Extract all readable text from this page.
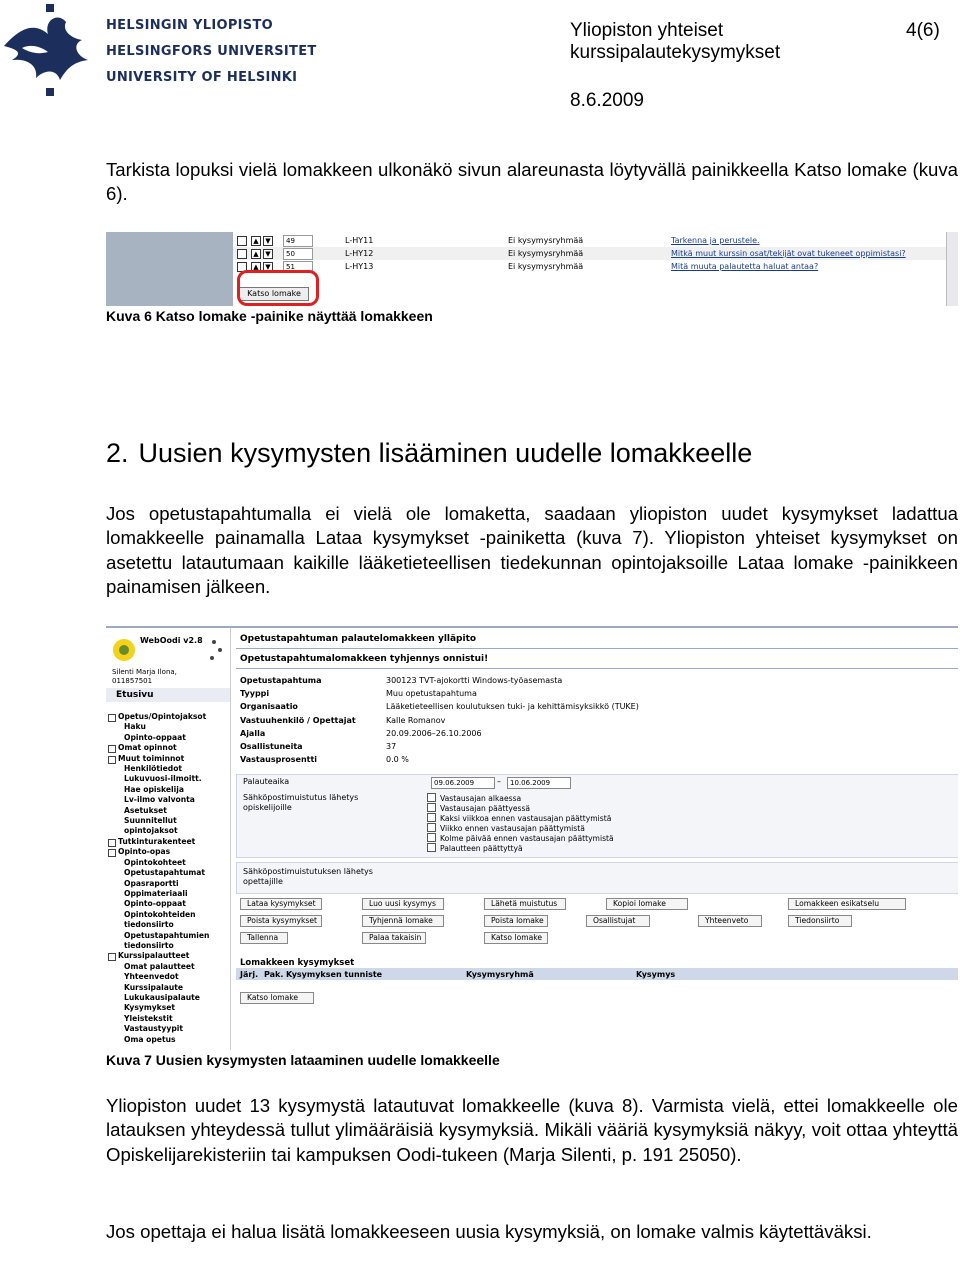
HELSINGIN YLIOPISTO
HELSINGFORS UNIVERSITET
UNIVERSITY OF HELSINKI
Yliopiston yhteiset
kurssipalautekysymykset
4(6)
8.6.2009
Tarkista lopuksi vielä lomakkeen ulkonäkö sivun alareunasta löytyvällä painikkeella Katso lomake (kuva 6).
▲ ▼	49	L-HY11	Ei kysymysryhmää	Tarkenna ja perustele.
▲ ▼	50	L-HY12	Ei kysymysryhmää	Mitkä muut kurssin osat/tekijät ovat tukeneet oppimistasi?
▲ ▼	51	L-HY13	Ei kysymysryhmää	Mitä muuta palautetta haluat antaa?
Katso lomake
Kuva 6 Katso lomake -painike näyttää lomakkeen
2. Uusien kysymysten lisääminen uudelle lomakkeelle
Jos opetustapahtumalla ei vielä ole lomaketta, saadaan yliopiston uudet kysymykset ladattua lomakkeelle painamalla Lataa kysymykset -painiketta (kuva 7). Yliopiston yhteiset kysymykset on asetettu latautumaan kaikille lääketieteellisen tiedekunnan opintojaksoille Lataa lomake -painikkeen painamisen jälkeen.
WebOodi v2.8
Silenti Marja Ilona,
011857501
Etusivu
Opetus/Opintojaksot
Haku
Opinto-oppaat
Omat opinnot
Muut toiminnot
Henkilötiedot
Lukuvuosi-ilmoitt.
Hae opiskelija
Lv-ilmo valvonta
Asetukset
Suunnitellut
opintojaksot
Tutkinturakenteet
Opinto-opas
Opintokohteet
Opetustapahtumat
Opasraportti
Oppimateriaali
Opinto-oppaat
Opintokohteiden
tiedonsiirto
Opetustapahtumien
tiedonsiirto
Kurssipalautteet
Omat palautteet
Yhteenvedot
Kurssipalaute
Lukukausipalaute
Kysymykset
Yleistekstit
Vastaustyypit
Oma opetus
Opetustapahtuman palautelomakkeen ylläpito
Opetustapahtumalomakkeen tyhjennys onnistui!
Opetustapahtuma	300123 TVT-ajokortti Windows-työasemasta
Tyyppi	Muu opetustapahtuma
Organisaatio	Lääketieteellisen koulutuksen tuki- ja kehittämisyksikkö (TUKE)
Vastuuhenkilö / Opettajat	Kalle Romanov
Ajalla	20.09.2006–26.10.2006
Osallistuneita	37
Vastausprosentti	0.0 %
Palauteaika	09.06.2009	–	10.06.2009
Sähköpostimuistutus lähetys opiskelijoille
Vastausajan alkaessa
Vastausajan päättyessä
Kaksi viikkoa ennen vastausajan päättymistä
Viikko ennen vastausajan päättymistä
Kolme päivää ennen vastausajan päättymistä
Palautteen päättyttyä
Sähköpostimuistutuksen lähetys opettajille
Lataa kysymykset	Luo uusi kysymys	Lähetä muistutus	Kopioi lomake	Lomakkeen esikatselu
Poista kysymykset	Tyhjennä lomake	Poista lomake	Osallistujat	Yhteenveto	Tiedonsiirto
Tallenna	Palaa takaisin	Katso lomake
Lomakkeen kysymykset
Järj. Pak. Kysymyksen tunniste	Kysymysryhmä	Kysymys
Katso lomake
Kuva 7 Uusien kysymysten lataaminen uudelle lomakkeelle
Yliopiston uudet 13 kysymystä latautuvat lomakkeelle (kuva 8). Varmista vielä, ettei lomakkeelle ole latauksen yhteydessä tullut ylimääräisiä kysymyksiä. Mikäli vääriä kysymyksiä näkyy, voit ottaa yhteyttä Opiskelijarekisteriin tai kampuksen Oodi-tukeen (Marja Silenti, p. 191 25050).
Jos opettaja ei halua lisätä lomakkeeseen uusia kysymyksiä, on lomake valmis käytettäväksi.
